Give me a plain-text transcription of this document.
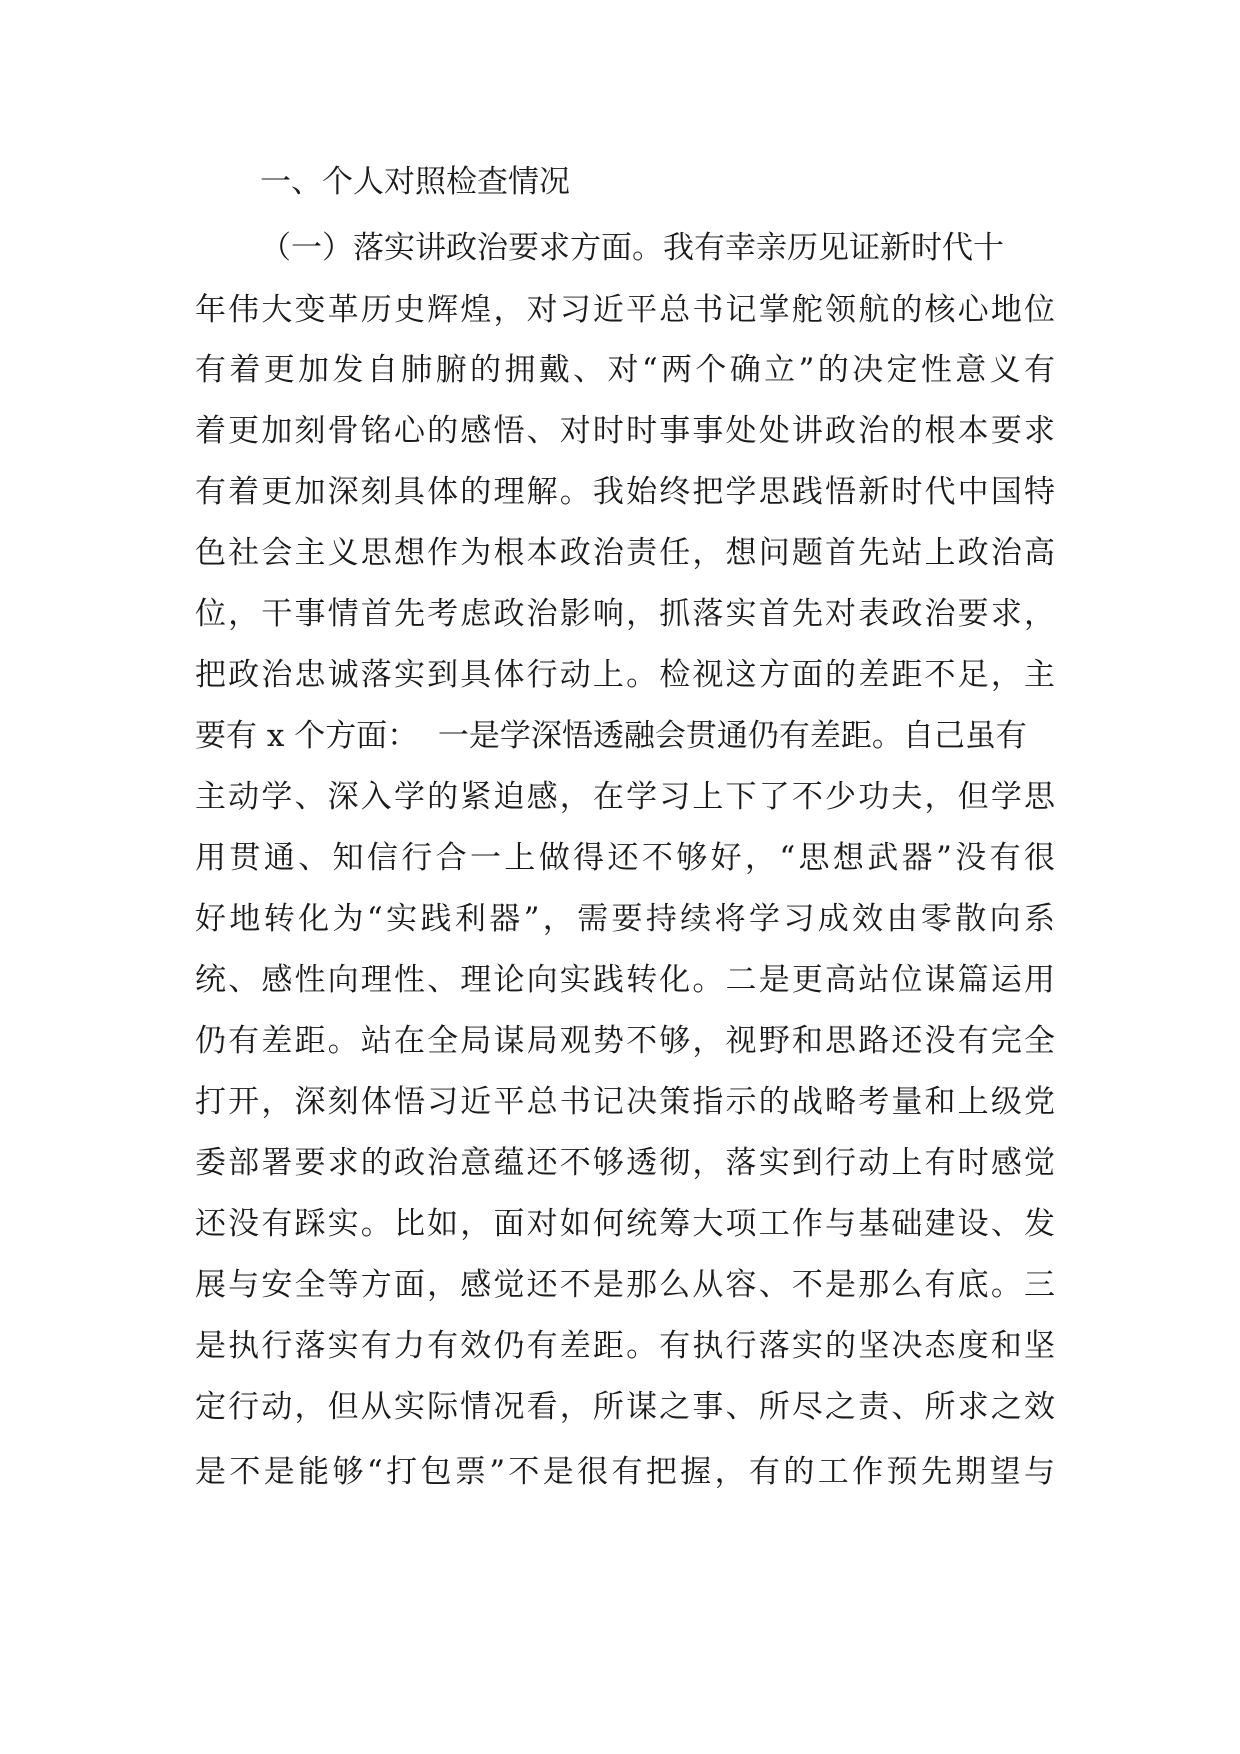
一、个人对照检查情况
（一）落实讲政治要求方面。我有幸亲历见证新时代十
年伟大变革历史辉煌，对习近平总书记掌舵领航的核心地位
有着更加发自肺腑的拥戴、对“两个确立”的决定性意义有
着更加刻骨铭心的感悟、对时时事事处处讲政治的根本要求
有着更加深刻具体的理解。我始终把学思践悟新时代中国特
色社会主义思想作为根本政治责任，想问题首先站上政治高
位，干事情首先考虑政治影响，抓落实首先对表政治要求，
把政治忠诚落实到具体行动上。检视这方面的差距不足，主
要有 x 个方面：  一是学深悟透融会贯通仍有差距。自己虽有
主动学、深入学的紧迫感，在学习上下了不少功夫，但学思
用贯通、知信行合一上做得还不够好，“思想武器”没有很
好地转化为“实践利器”，需要持续将学习成效由零散向系
统、感性向理性、理论向实践转化。二是更高站位谋篇运用
仍有差距。站在全局谋局观势不够，视野和思路还没有完全
打开，深刻体悟习近平总书记决策指示的战略考量和上级党
委部署要求的政治意蕴还不够透彻，落实到行动上有时感觉
还没有踩实。比如，面对如何统筹大项工作与基础建设、发
展与安全等方面，感觉还不是那么从容、不是那么有底。三
是执行落实有力有效仍有差距。有执行落实的坚决态度和坚
定行动，但从实际情况看，所谋之事、所尽之责、所求之效
是不是能够“打包票”不是很有把握，有的工作预先期望与
